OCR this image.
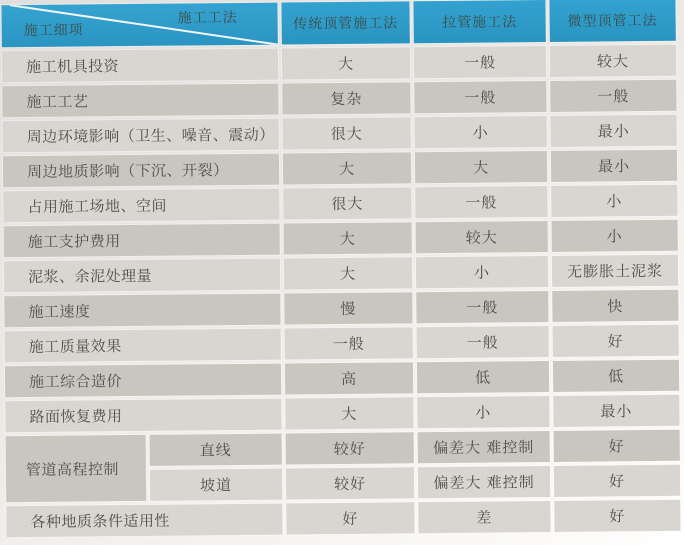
施工工法
施工细项	传统顶管施工法	拉管施工法	微型顶管工法
施工机具投资	大	一般	较大
施工工艺	复杂	一般	一般
周边环境影响（卫生、噪音、震动）	很大	小	最小
周边地质影响（下沉、开裂）	大	大	最小
占用施工场地、空间	很大	一般	小
施工支护费用	大	较大	小
泥浆、余泥处理量	大	小	无膨胀土泥浆
施工速度	慢	一般	快
施工质量效果	一般	一般	好
施工综合造价	高	低	低
路面恢复费用	大	小	最小
管道高程控制
直线	较好	偏差大 难控制	好
坡道	较好	偏差大 难控制	好
各种地质条件适用性	好	差	好
